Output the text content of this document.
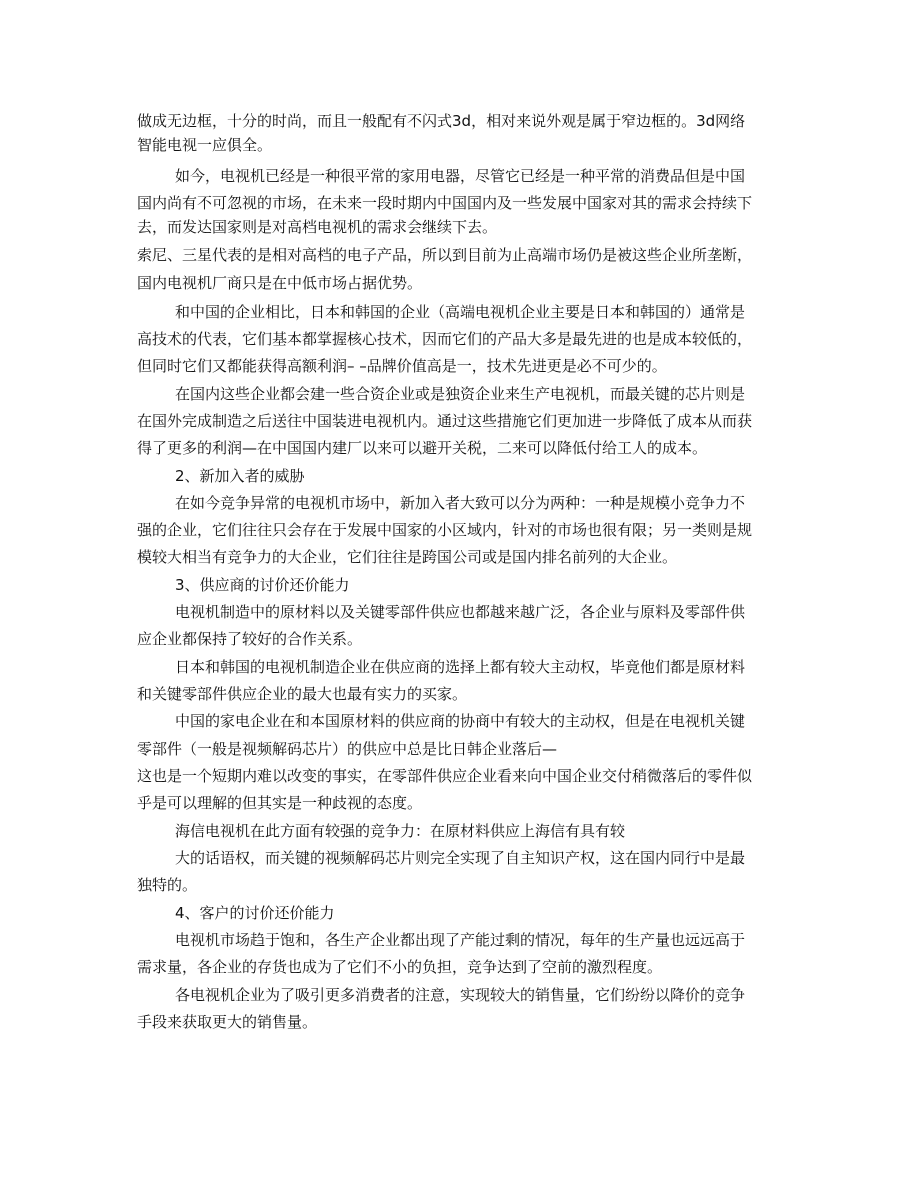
做成无边框，十分的时尚，而且一般配有不闪式3d，相对来说外观是属于窄边框的。3d网络
智能电视一应俱全。
如今，电视机已经是一种很平常的家用电器，尽管它已经是一种平常的消费品但是中国
国内尚有不可忽视的市场，在未来一段时期内中国国内及一些发展中国家对其的需求会持续下
去，而发达国家则是对高档电视机的需求会继续下去。
索尼、三星代表的是相对高档的电子产品，所以到目前为止高端市场仍是被这些企业所垄断，
国内电视机厂商只是在中低市场占据优势。
和中国的企业相比，日本和韩国的企业（高端电视机企业主要是日本和韩国的）通常是
高技术的代表，它们基本都掌握核心技术，因而它们的产品大多是最先进的也是成本较低的，
但同时它们又都能获得高额利润– –品牌价值高是一，技术先进更是必不可少的。
在国内这些企业都会建一些合资企业或是独资企业来生产电视机，而最关键的芯片则是
在国外完成制造之后送往中国装进电视机内。通过这些措施它们更加进一步降低了成本从而获
得了更多的利润—在中国国内建厂以来可以避开关税，二来可以降低付给工人的成本。
2、新加入者的威胁
在如今竞争异常的电视机市场中，新加入者大致可以分为两种：一种是规模小竞争力不
强的企业，它们往往只会存在于发展中国家的小区域内，针对的市场也很有限；另一类则是规
模较大相当有竞争力的大企业，它们往往是跨国公司或是国内排名前列的大企业。
3、供应商的讨价还价能力
电视机制造中的原材料以及关键零部件供应也都越来越广泛，各企业与原料及零部件供
应企业都保持了较好的合作关系。
日本和韩国的电视机制造企业在供应商的选择上都有较大主动权，毕竟他们都是原材料
和关键零部件供应企业的最大也最有实力的买家。
中国的家电企业在和本国原材料的供应商的协商中有较大的主动权，但是在电视机关键
零部件（一般是视频解码芯片）的供应中总是比日韩企业落后—
这也是一个短期内难以改变的事实，在零部件供应企业看来向中国企业交付稍微落后的零件似
乎是可以理解的但其实是一种歧视的态度。
海信电视机在此方面有较强的竞争力：在原材料供应上海信有具有较
大的话语权，而关键的视频解码芯片则完全实现了自主知识产权，这在国内同行中是最
独特的。
4、客户的讨价还价能力
电视机市场趋于饱和，各生产企业都出现了产能过剩的情况，每年的生产量也远远高于
需求量，各企业的存货也成为了它们不小的负担，竞争达到了空前的激烈程度。
各电视机企业为了吸引更多消费者的注意，实现较大的销售量，它们纷纷以降价的竞争
手段来获取更大的销售量。
